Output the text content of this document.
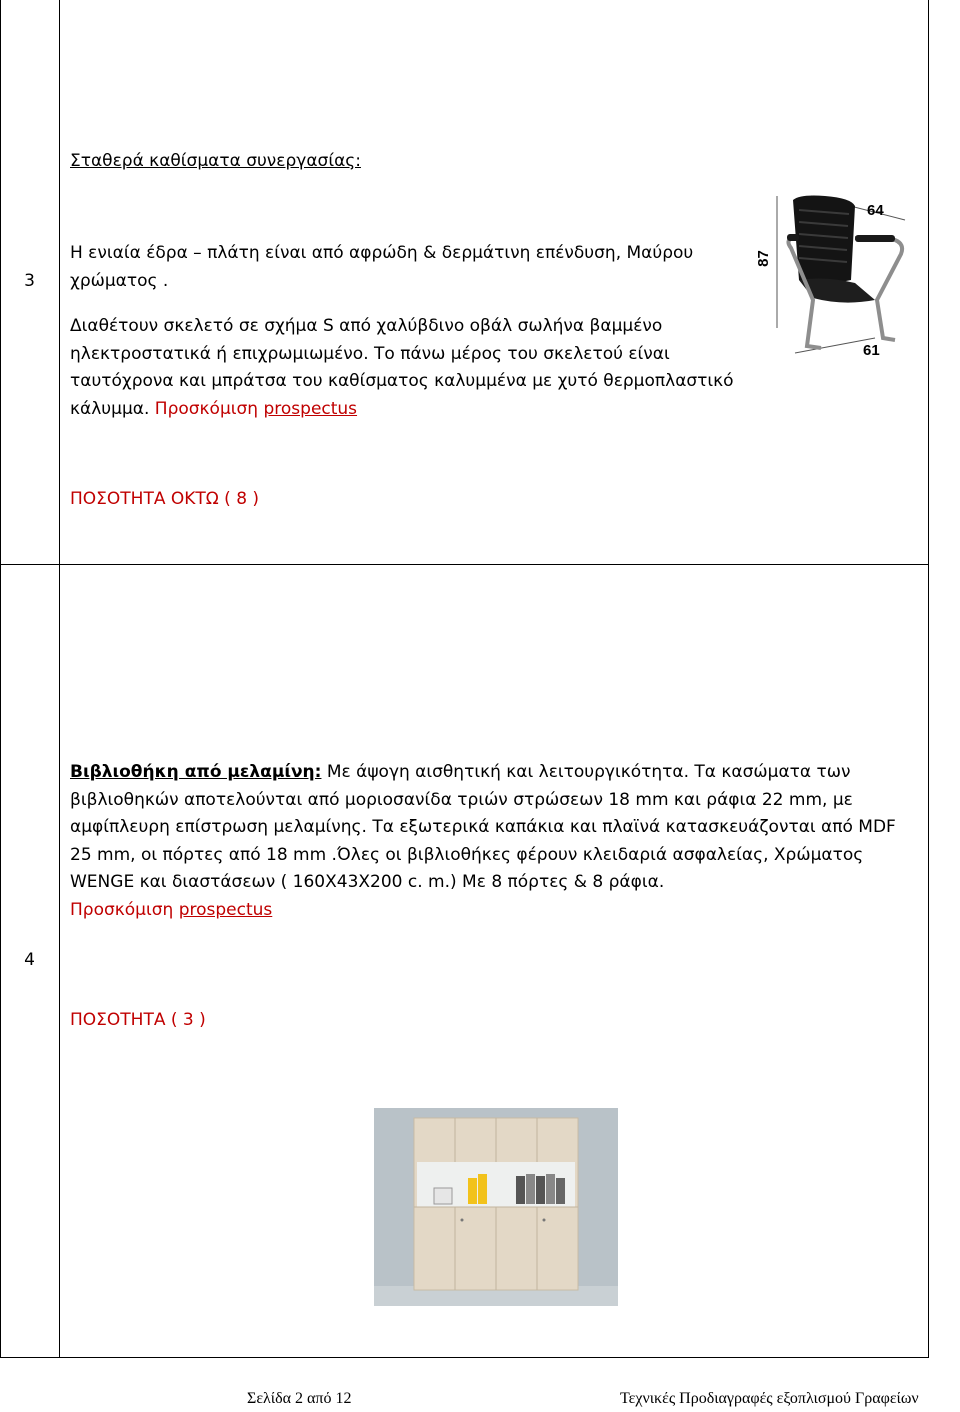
3

Σταθερά καθίσματα συνεργασίας:

Η ενιαία έδρα – πλάτη είναι από αφρώδη & δερμάτινη επένδυση, Μαύρου χρώματος .

Διαθέτουν σκελετό σε σχήμα S από χαλύβδινο οβάλ σωλήνα βαμμένο ηλεκτροστατικά ή επιχρωμιωμένο. Το πάνω μέρος του σκελετού είναι ταυτόχρονα και μπράτσα του καθίσματος καλυμμένα με χυτό θερμοπλαστικό κάλυμμα. Προσκόμιση prospectus

ΠΟΣΟΤΗΤΑ ΟΚΤΩ ( 8 )

87
64
61
4

Βιβλιοθήκη από μελαμίνη: Με άψογη αισθητική και λειτουργικότητα. Τα κασώματα των βιβλιοθηκών αποτελούνται από μοριοσανίδα τριών στρώσεων 18 mm και ράφια 22 mm, με αμφίπλευρη επίστρωση μελαμίνης. Τα εξωτερικά καπάκια και πλαϊνά κατασκευάζονται από MDF 25 mm, οι πόρτες από 18 mm .Όλες οι βιβλιοθήκες φέρουν κλειδαριά ασφαλείας, Χρώματος WENGE και διαστάσεων ( 160X43X200 c. m.) Με 8 πόρτες & 8 ράφια.

Προσκόμιση prospectus

ΠΟΣΟΤΗΤΑ ( 3 )

Σελίδα 2 από 12	Τεχνικές Προδιαγραφές εξοπλισμού Γραφείων
